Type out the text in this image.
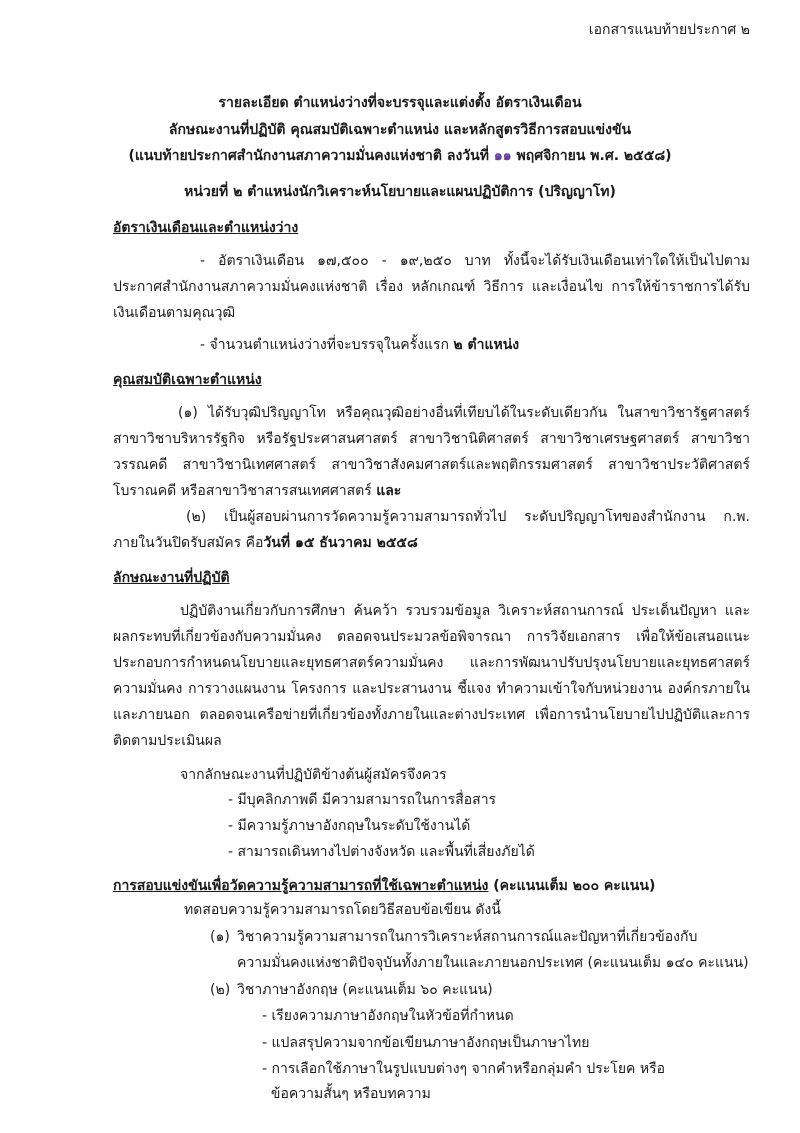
เอกสารแนบท้ายประกาศ ๒
รายละเอียด ตำแหน่งว่างที่จะบรรจุและแต่งตั้ง อัตราเงินเดือน
ลักษณะงานที่ปฏิบัติ คุณสมบัติเฉพาะตำแหน่ง และหลักสูตรวิธีการสอบแข่งขัน
(แนบท้ายประกาศสำนักงานสภาความมั่นคงแห่งชาติ ลงวันที่ ๑๑ พฤศจิกายน พ.ศ. ๒๕๕๘)
หน่วยที่ ๒ ตำแหน่งนักวิเคราะห์นโยบายและแผนปฏิบัติการ (ปริญญาโท)
อัตราเงินเดือนและตำแหน่งว่าง
- อัตราเงินเดือน ๑๗,๕๐๐ - ๑๙,๒๕๐ บาท ทั้งนี้จะได้รับเงินเดือนเท่าใดให้เป็นไปตาม
ประกาศสำนักงานสภาความมั่นคงแห่งชาติ เรื่อง หลักเกณฑ์ วิธีการ และเงื่อนไข การให้ข้าราชการได้รับ
เงินเดือนตามคุณวุฒิ
- จำนวนตำแหน่งว่างที่จะบรรจุในครั้งแรก ๒ ตำแหน่ง
คุณสมบัติเฉพาะตำแหน่ง
(๑) ได้รับวุฒิปริญญาโท หรือคุณวุฒิอย่างอื่นที่เทียบได้ในระดับเดียวกัน ในสาขาวิชารัฐศาสตร์
สาขาวิชาบริหารรัฐกิจ หรือรัฐประศาสนศาสตร์ สาขาวิชานิติศาสตร์ สาขาวิชาเศรษฐศาสตร์ สาขาวิชา
วรรณคดี สาขาวิชานิเทศศาสตร์ สาขาวิชาสังคมศาสตร์และพฤติกรรมศาสตร์ สาขาวิชาประวัติศาสตร์
โบราณคดี หรือสาขาวิชาสารสนเทศศาสตร์ และ
(๒) เป็นผู้สอบผ่านการวัดความรู้ความสามารถทั่วไป ระดับปริญญาโทของสำนักงาน ก.พ.
ภายในวันปิดรับสมัคร คือวันที่ ๑๕ ธันวาคม ๒๕๕๘
ลักษณะงานที่ปฏิบัติ
ปฏิบัติงานเกี่ยวกับการศึกษา ค้นคว้า รวบรวมข้อมูล วิเคราะห์สถานการณ์ ประเด็นปัญหา และ
ผลกระทบที่เกี่ยวข้องกับความมั่นคง ตลอดจนประมวลข้อพิจารณา การวิจัยเอกสาร เพื่อให้ข้อเสนอแนะ
ประกอบการกำหนดนโยบายและยุทธศาสตร์ความมั่นคง และการพัฒนาปรับปรุงนโยบายและยุทธศาสตร์
ความมั่นคง การวางแผนงาน โครงการ และประสานงาน ชี้แจง ทำความเข้าใจกับหน่วยงาน องค์กรภายใน
และภายนอก ตลอดจนเครือข่ายที่เกี่ยวข้องทั้งภายในและต่างประเทศ เพื่อการนำนโยบายไปปฏิบัติและการ
ติดตามประเมินผล
จากลักษณะงานที่ปฏิบัติข้างต้นผู้สมัครจึงควร
- มีบุคลิกภาพดี มีความสามารถในการสื่อสาร
- มีความรู้ภาษาอังกฤษในระดับใช้งานได้
- สามารถเดินทางไปต่างจังหวัด และพื้นที่เสี่ยงภัยได้
การสอบแข่งขันเพื่อวัดความรู้ความสามารถที่ใช้เฉพาะตำแหน่ง (คะแนนเต็ม ๒๐๐ คะแนน)
ทดสอบความรู้ความสามารถโดยวิธีสอบข้อเขียน ดังนี้
(๑) วิชาความรู้ความสามารถในการวิเคราะห์สถานการณ์และปัญหาที่เกี่ยวข้องกับ
ความมั่นคงแห่งชาติปัจจุบันทั้งภายในและภายนอกประเทศ (คะแนนเต็ม ๑๔๐ คะแนน)
(๒) วิชาภาษาอังกฤษ (คะแนนเต็ม ๖๐ คะแนน)
- เรียงความภาษาอังกฤษในหัวข้อที่กำหนด
- แปลสรุปความจากข้อเขียนภาษาอังกฤษเป็นภาษาไทย
- การเลือกใช้ภาษาในรูปแบบต่างๆ จากคำหรือกลุ่มคำ ประโยค หรือ
ข้อความสั้นๆ หรือบทความ
